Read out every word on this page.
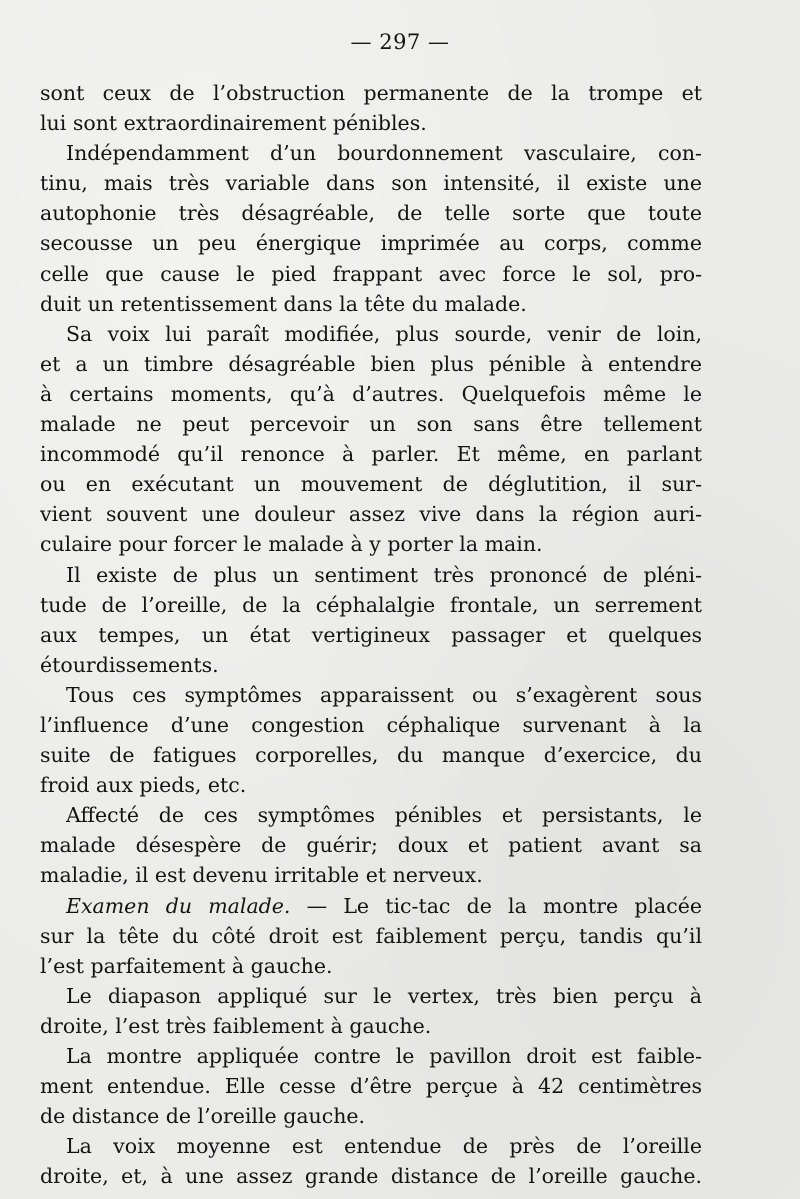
— 297 —
sont ceux de l’obstruction permanente de la trompe et
lui sont extraordinairement pénibles.
Indépendamment d’un bourdonnement vasculaire, con-
tinu, mais très variable dans son intensité, il existe une
autophonie très désagréable, de telle sorte que toute
secousse un peu énergique imprimée au corps, comme
celle que cause le pied frappant avec force le sol, pro-
duit un retentissement dans la tête du malade.
Sa voix lui paraît modifiée, plus sourde, venir de loin,
et a un timbre désagréable bien plus pénible à entendre
à certains moments, qu’à d’autres. Quelquefois même le
malade ne peut percevoir un son sans être tellement
incommodé qu’il renonce à parler. Et même, en parlant
ou en exécutant un mouvement de déglutition, il sur-
vient souvent une douleur assez vive dans la région auri-
culaire pour forcer le malade à y porter la main.
Il existe de plus un sentiment très prononcé de pléni-
tude de l’oreille, de la céphalalgie frontale, un serrement
aux tempes, un état vertigineux passager et quelques
étourdissements.
Tous ces symptômes apparaissent ou s’exagèrent sous
l’influence d’une congestion céphalique survenant à la
suite de fatigues corporelles, du manque d’exercice, du
froid aux pieds, etc.
Affecté de ces symptômes pénibles et persistants, le
malade désespère de guérir; doux et patient avant sa
maladie, il est devenu irritable et nerveux.
Examen du malade. — Le tic-tac de la montre placée
sur la tête du côté droit est faiblement perçu, tandis qu’il
l’est parfaitement à gauche.
Le diapason appliqué sur le vertex, très bien perçu à
droite, l’est très faiblement à gauche.
La montre appliquée contre le pavillon droit est faible-
ment entendue. Elle cesse d’être perçue à 42 centimètres
de distance de l’oreille gauche.
La voix moyenne est entendue de près de l’oreille
droite, et, à une assez grande distance de l’oreille gauche.
